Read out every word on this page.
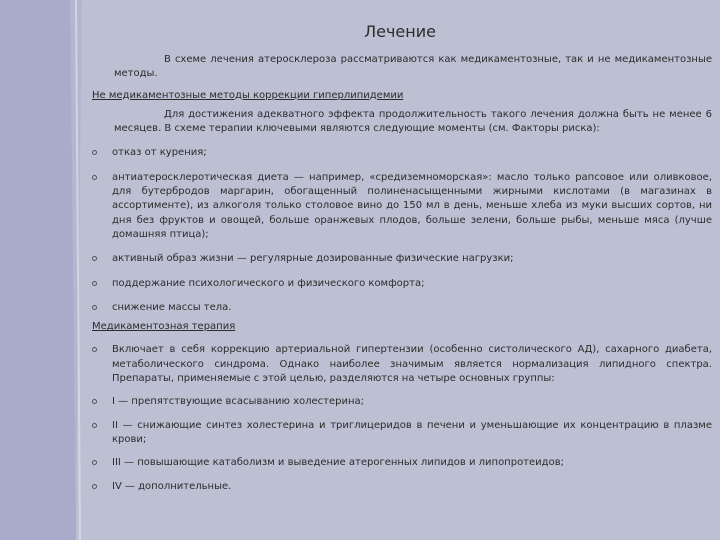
Лечение

В схеме лечения атеросклероза рассматриваются как медикаментозные, так и не медикаментозные методы.

Не медикаментозные методы коррекции гиперлипидемии

Для достижения адекватного эффекта продолжительность такого лечения должна быть не менее 6 месяцев. В схеме терапии ключевыми являются следующие моменты (см. Факторы риска):

отказ от курения;
антиатеросклеротическая диета — например, «средиземноморская»: масло только рапсовое или оливковое, для бутербродов маргарин, обогащенный полиненасыщенными жирными кислотами (в магазинах в ассортименте), из алкоголя только столовое вино до 150 мл в день, меньше хлеба из муки высших сортов, ни дня без фруктов и овощей, больше оранжевых плодов, больше зелени, больше рыбы, меньше мяса (лучше домашняя птица);
активный образ жизни — регулярные дозированные физические нагрузки;
поддержание психологического и физического комфорта;
снижение массы тела.
Медикаментозная терапия
Включает в себя коррекцию артериальной гипертензии (особенно систолического АД), сахарного диабета, метаболического синдрома. Однако наиболее значимым является нормализация липидного спектра. Препараты, применяемые с этой целью, разделяются на четыре основных группы:
I — препятствующие всасыванию холестерина;
II — снижающие синтез холестерина и триглицеридов в печени и уменьшающие их концентрацию в плазме крови;
III — повышающие катаболизм и выведение атерогенных липидов и липопротеидов;
IV — дополнительные.
